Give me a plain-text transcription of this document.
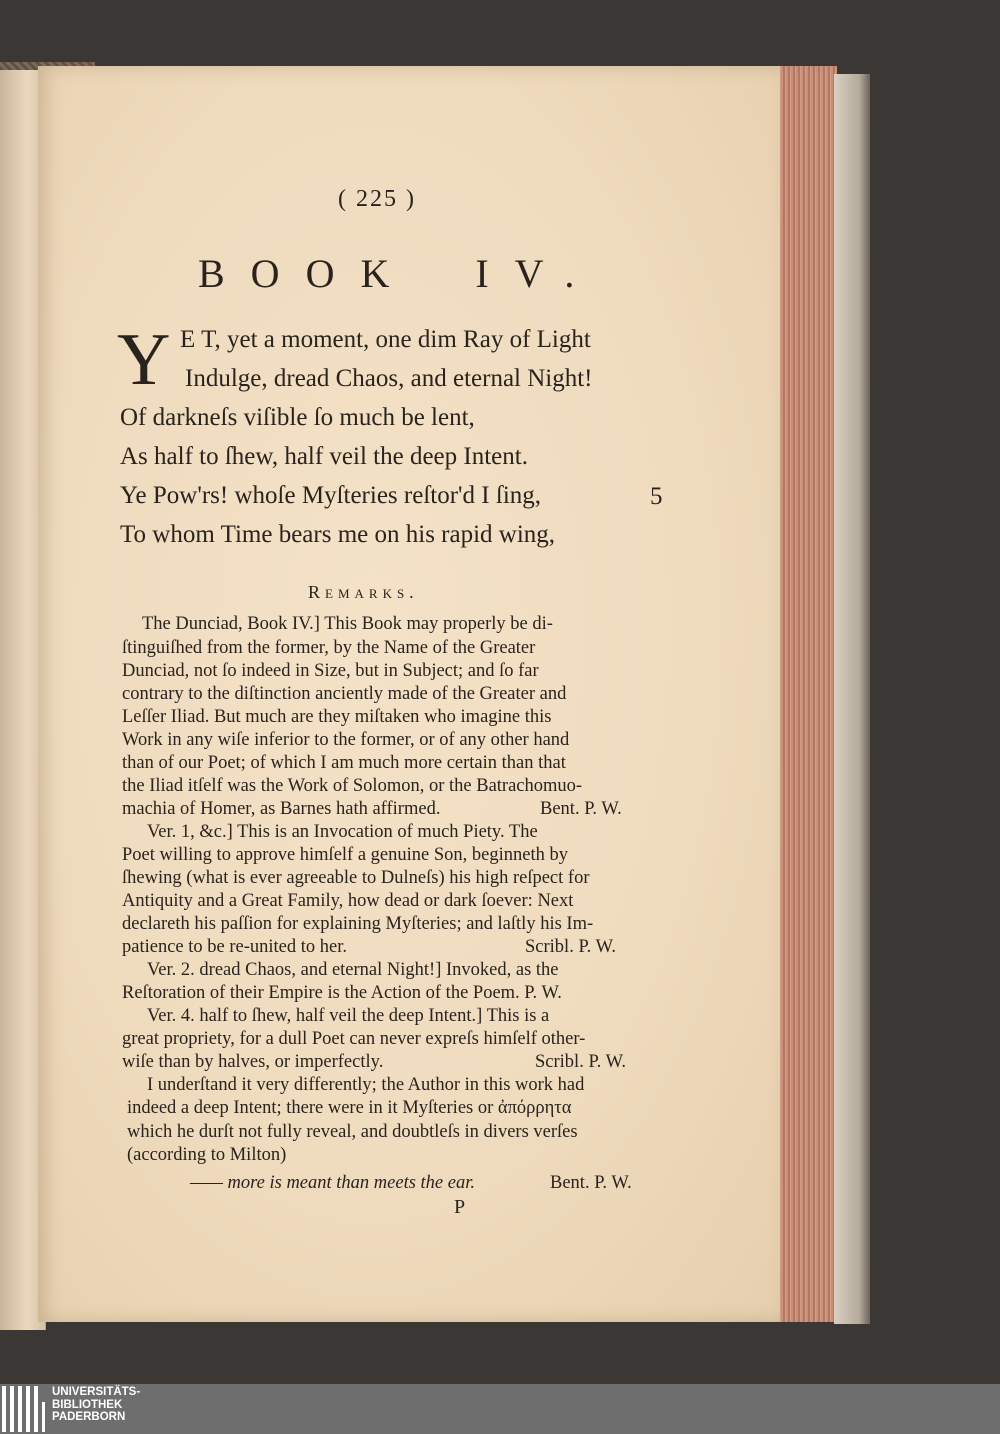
( 225 )
BOOK IV.
Y E T, yet a moment, one dim Ray of Light
Indulge, dread Chaos, and eternal Night!
Of darkneſs viſible ſo much be lent,
As half to ſhew, half veil the deep Intent.
Ye Pow'rs! whoſe Myſteries reſtor'd I ſing,
To whom Time bears me on his rapid wing,
5
Remarks.
The Dunciad, Book IV.] This Book may properly be di-
ſtinguiſhed from the former, by the Name of the Greater
Dunciad, not ſo indeed in Size, but in Subject; and ſo far
contrary to the diſtinction anciently made of the Greater and
Leſſer Iliad. But much are they miſtaken who imagine this
Work in any wiſe inferior to the former, or of any other hand
than of our Poet; of which I am much more certain than that
the Iliad itſelf was the Work of Solomon, or the Batrachomuo-
machia of Homer, as Barnes hath affirmed.	Bent. P. W.
Ver. 1, &c.] This is an Invocation of much Piety. The
Poet willing to approve himſelf a genuine Son, beginneth by
ſhewing (what is ever agreeable to Dulneſs) his high reſpect for
Antiquity and a Great Family, how dead or dark ſoever: Next
declareth his paſſion for explaining Myſteries; and laſtly his Im-
patience to be re-united to her.	Scribl. P. W.
Ver. 2. dread Chaos, and eternal Night!] Invoked, as the
Reſtoration of their Empire is the Action of the Poem. P. W.
Ver. 4. half to ſhew, half veil the deep Intent.] This is a
great propriety, for a dull Poet can never expreſs himſelf other-
wiſe than by halves, or imperfectly.	Scribl. P. W.
I underſtand it very differently; the Author in this work had
indeed a deep Intent; there were in it Myſteries or ἀπόρρητα
which he durſt not fully reveal, and doubtleſs in divers verſes
(according to Milton)
—— more is meant than meets the ear.	Bent. P. W.
P
UNIVERSITÄTS-
BIBLIOTHEK
PADERBORN
